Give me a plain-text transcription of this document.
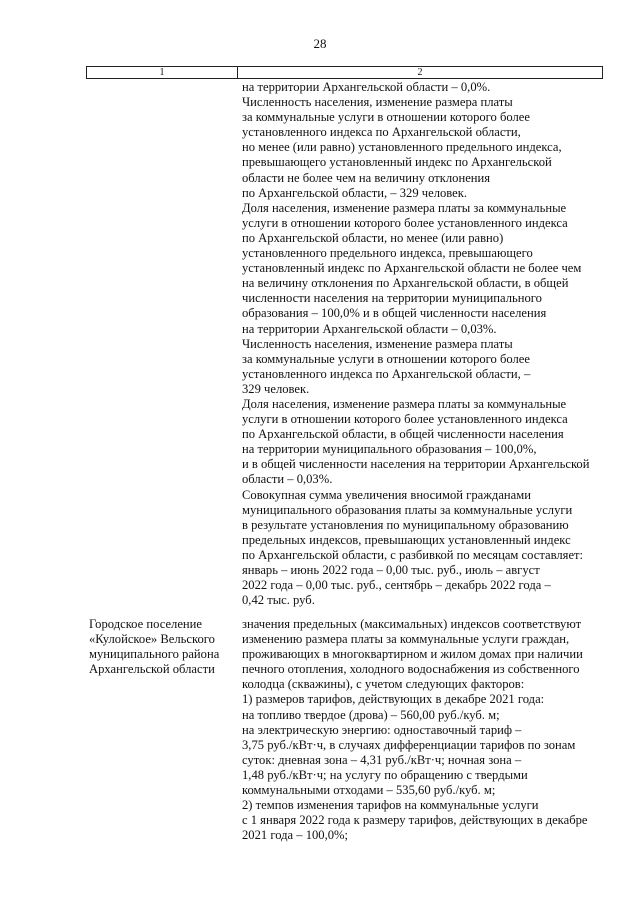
28
1	2
на территории Архангельской области – 0,0%.
Численность населения, изменение размера платы
за коммунальные услуги в отношении которого более
установленного индекса по Архангельской области,
но менее (или равно) установленного предельного индекса,
превышающего установленный индекс по Архангельской
области не более чем на величину отклонения
по Архангельской области, – 329 человек.
Доля населения, изменение размера платы за коммунальные
услуги в отношении которого более установленного индекса
по Архангельской области, но менее (или равно)
установленного предельного индекса, превышающего
установленный индекс по Архангельской области не более чем
на величину отклонения по Архангельской области, в общей
численности населения на территории муниципального
образования – 100,0% и в общей численности населения
на территории Архангельской области – 0,03%.
Численность населения, изменение размера платы
за коммунальные услуги в отношении которого более
установленного индекса по Архангельской области, –
329 человек.
Доля населения, изменение размера платы за коммунальные
услуги в отношении которого более установленного индекса
по Архангельской области, в общей численности населения
на территории муниципального образования – 100,0%,
и в общей численности населения на территории Архангельской
области – 0,03%.
Совокупная сумма увеличения вносимой гражданами
муниципального образования платы за коммунальные услуги
в результате установления по муниципальному образованию
предельных индексов, превышающих установленный индекс
по Архангельской области, с разбивкой по месяцам составляет:
январь – июнь 2022 года – 0,00 тыс. руб., июль – август
2022 года – 0,00 тыс. руб., сентябрь – декабрь 2022 года –
0,42 тыс. руб.
Городское поселение
«Кулойское» Вельского
муниципального района
Архангельской области
значения предельных (максимальных) индексов соответствуют
изменению размера платы за коммунальные услуги граждан,
проживающих в многоквартирном и жилом домах при наличии
печного отопления, холодного водоснабжения из собственного
колодца (скважины), с учетом следующих факторов:
1) размеров тарифов, действующих в декабре 2021 года:
на топливо твердое (дрова) – 560,00 руб./куб. м;
на электрическую энергию: одноставочный тариф –
3,75 руб./кВт·ч, в случаях дифференциации тарифов по зонам
суток: дневная зона – 4,31 руб./кВт·ч; ночная зона –
1,48 руб./кВт·ч; на услугу по обращению с твердыми
коммунальными отходами – 535,60 руб./куб. м;
2) темпов изменения тарифов на коммунальные услуги
с 1 января 2022 года к размеру тарифов, действующих в декабре
2021 года – 100,0%;
